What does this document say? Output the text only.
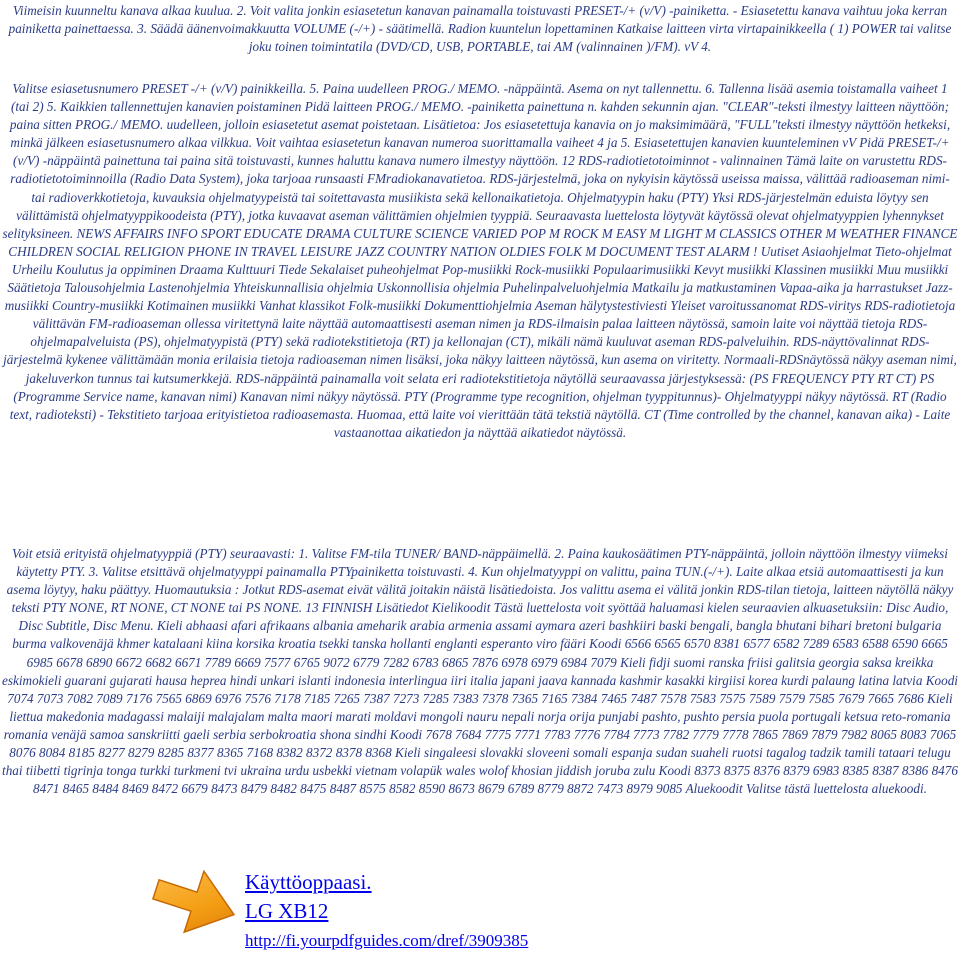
Viimeisin kuunneltu kanava alkaa kuulua. 2. Voit valita jonkin esiasetetun kanavan painamalla toistuvasti PRESET-/+ (v/V) -painiketta. - Esiasetettu kanava vaihtuu joka kerran painiketta painettaessa. 3. Säädä äänenvoimakkuutta VOLUME (-/+) - säätimellä. Radion kuuntelun lopettaminen Katkaise laitteen virta virtapainikkeella ( 1) POWER tai valitse joku toinen toimintatila (DVD/CD, USB, PORTABLE, tai AM (valinnainen )/FM). vV 4.

Valitse esiasetusnumero PRESET -/+ (v/V) painikkeilla. 5. Paina uudelleen PROG./ MEMO. -näppäintä. Asema on nyt tallennettu. 6. Tallenna lisää asemia toistamalla vaiheet 1 (tai 2) 5. Kaikkien tallennettujen kanavien poistaminen Pidä laitteen PROG./ MEMO. -painiketta painettuna n. kahden sekunnin ajan. "CLEAR"-teksti ilmestyy laitteen näyttöön; paina sitten PROG./ MEMO. uudelleen, jolloin esiasetetut asemat poistetaan. Lisätietoa: Jos esiasetettuja kanavia on jo maksimimäärä, "FULL"teksti ilmestyy näyttöön hetkeksi, minkä jälkeen esiasetusnumero alkaa vilkkua. Voit vaihtaa esiasetetun kanavan numeroa suorittamalla vaiheet 4 ja 5. Esiasetettujen kanavien kuunteleminen vV Pidä PRESET-/+ (v/V) -näppäintä painettuna tai paina sitä toistuvasti, kunnes haluttu kanava numero ilmestyy näyttöön. 12 RDS-radiotietotoiminnot - valinnainen Tämä laite on varustettu RDS-radiotietotoiminnoilla (Radio Data System), joka tarjoaa runsaasti FMradiokanavatietoa. RDS-järjestelmä, joka on nykyisin käytössä useissa maissa, välittää radioaseman nimi- tai radioverkkotietoja, kuvauksia ohjelmatyypeistä tai soitettavasta musiikista sekä kellonaikatietoja. Ohjelmatyypin haku (PTY) Yksi RDS-järjestelmän eduista löytyy sen välittämistä ohjelmatyyppikoodeista (PTY), jotka kuvaavat aseman välittämien ohjelmien tyyppiä. Seuraavasta luettelosta löytyvät käytössä olevat ohjelmatyyppien lyhennykset selityksineen. NEWS AFFAIRS INFO SPORT EDUCATE DRAMA CULTURE SCIENCE VARIED POP M ROCK M EASY M LIGHT M CLASSICS OTHER M WEATHER FINANCE CHILDREN SOCIAL RELIGION PHONE IN TRAVEL LEISURE JAZZ COUNTRY NATION OLDIES FOLK M DOCUMENT TEST ALARM ! Uutiset Asiaohjelmat Tieto-ohjelmat Urheilu Koulutus ja oppiminen Draama Kulttuuri Tiede Sekalaiset puheohjelmat Pop-musiikki Rock-musiikki Populaarimusiikki Kevyt musiikki Klassinen musiikki Muu musiikki Säätietoja Talousohjelmia Lastenohjelmia Yhteiskunnallisia ohjelmia Uskonnollisia ohjelmia Puhelinpalveluohjelmia Matkailu ja matkustaminen Vapaa-aika ja harrastukset Jazz-musiikki Country-musiikki Kotimainen musiikki Vanhat klassikot Folk-musiikki Dokumenttiohjelmia Aseman hälytystestiviesti Yleiset varoitussanomat RDS-viritys RDS-radiotietoja välittävän FM-radioaseman ollessa viritettynä laite näyttää automaattisesti aseman nimen ja RDS-ilmaisin palaa laitteen näytössä, samoin laite voi näyttää tietoja RDS-ohjelmapalveluista (PS), ohjelmatyypistä (PTY) sekä radiotekstitietoja (RT) ja kellonajan (CT), mikäli nämä kuuluvat aseman RDS-palveluihin. RDS-näyttövalinnat RDS-järjestelmä kykenee välittämään monia erilaisia tietoja radioaseman nimen lisäksi, joka näkyy laitteen näytössä, kun asema on viritetty. Normaali-RDSnäytössä näkyy aseman nimi, jakeluverkon tunnus tai kutsumerkkejä. RDS-näppäintä painamalla voit selata eri radiotekstitietoja näytöllä seuraavassa järjestyksessä: (PS FREQUENCY PTY RT CT) PS (Programme Service name, kanavan nimi) Kanavan nimi näkyy näytössä. PTY (Programme type recognition, ohjelman tyyppitunnus)- Ohjelmatyyppi näkyy näytössä. RT (Radio text, radioteksti) - Tekstitieto tarjoaa erityistietoa radioasemasta. Huomaa, että laite voi vierittään tätä tekstiä näytöllä. CT (Time controlled by the channel, kanavan aika) - Laite vastaanottaa aikatiedon ja näyttää aikatiedot näytössä.

Voit etsiä erityistä ohjelmatyyppiä (PTY) seuraavasti: 1. Valitse FM-tila TUNER/ BAND-näppäimellä. 2. Paina kaukosäätimen PTY-näppäintä, jolloin näyttöön ilmestyy viimeksi käytetty PTY. 3. Valitse etsittävä ohjelmatyyppi painamalla PTYpainiketta toistuvasti. 4. Kun ohjelmatyyppi on valittu, paina TUN.(-/+). Laite alkaa etsiä automaattisesti ja kun asema löytyy, haku päättyy. Huomautuksia : Jotkut RDS-asemat eivät välitä joitakin näistä lisätiedoista. Jos valittu asema ei välitä jonkin RDS-tilan tietoja, laitteen näytöllä näkyy teksti PTY NONE, RT NONE, CT NONE tai PS NONE. 13 FINNISH Lisätiedot Kielikoodit Tästä luettelosta voit syöttää haluamasi kielen seuraavien alkuasetuksiin: Disc Audio, Disc Subtitle, Disc Menu. Kieli abhaasi afari afrikaans albania ameharik arabia armenia assami aymara azeri bashkiiri baski bengali, bangla bhutani bihari bretoni bulgaria burma valkovenäjä khmer katalaani kiina korsika kroatia tsekki tanska hollanti englanti esperanto viro fääri Koodi 6566 6565 6570 8381 6577 6582 7289 6583 6588 6590 6665 6985 6678 6890 6672 6682 6671 7789 6669 7577 6765 9072 6779 7282 6783 6865 7876 6978 6979 6984 7079 Kieli fidji suomi ranska friisi galitsia georgia saksa kreikka eskimokieli guarani gujarati hausa heprea hindi unkari islanti indonesia interlingua iiri italia japani jaava kannada kashmir kasakki kirgiisi korea kurdi palaung latina latvia Koodi 7074 7073 7082 7089 7176 7565 6869 6976 7576 7178 7185 7265 7387 7273 7285 7383 7378 7365 7165 7384 7465 7487 7578 7583 7575 7589 7579 7585 7679 7665 7686 Kieli liettua makedonia madagassi malaiji malajalam malta maori marati moldavi mongoli nauru nepali norja orija punjabi pashto, pushto persia puola portugali ketsua reto-romania romania venäjä samoa sanskriitti gaeli serbia serbokroatia shona sindhi Koodi 7678 7684 7775 7771 7783 7776 7784 7773 7782 7779 7778 7865 7869 7879 7982 8065 8083 7065 8076 8084 8185 8277 8279 8285 8377 8365 7168 8382 8372 8378 8368 Kieli singaleesi slovakki sloveeni somali espanja sudan suaheli ruotsi tagalog tadzik tamili tataari telugu thai tiibetti tigrinja tonga turkki turkmeni tvi ukraina urdu usbekki vietnam volapük wales wolof khosian jiddish joruba zulu Koodi 8373 8375 8376 8379 6983 8385 8387 8386 8476 8471 8465 8484 8469 8472 6679 8473 8479 8482 8475 8487 8575 8582 8590 8673 8679 6789 8779 8872 7473 8979 9085 Aluekoodit Valitse tästä luettelosta aluekoodi.

Käyttöoppaasi.
LG XB12
http://fi.yourpdfguides.com/dref/3909385
